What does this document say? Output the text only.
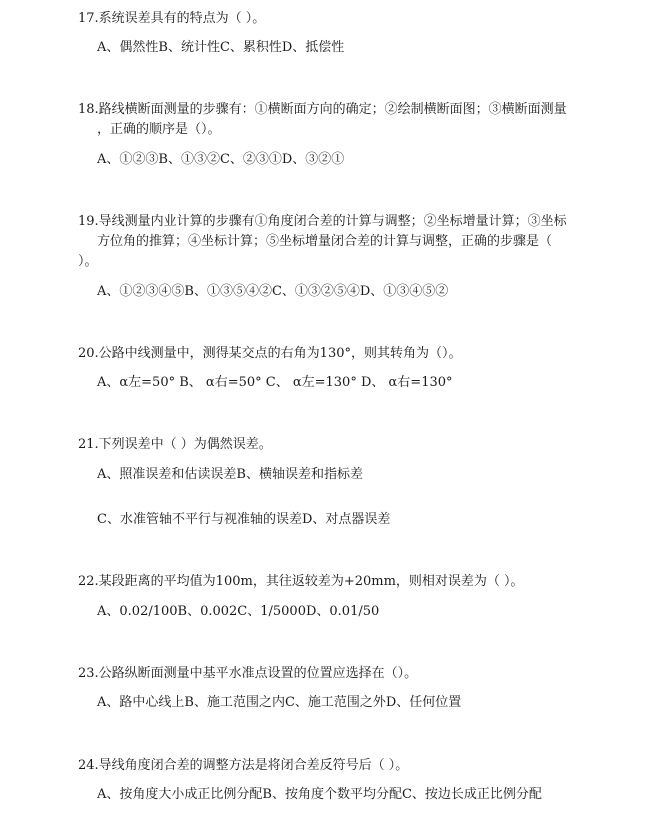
17.系统误差具有的特点为（ ）。
A、偶然性B、统计性C、累积性D、抵偿性
18.路线横断面测量的步骤有：①横断面方向的确定；②绘制横断面图；③横断面测量
，正确的顺序是（）。
A、①②③B、①③②C、②③①D、③②①
19.导线测量内业计算的步骤有①角度闭合差的计算与调整；②坐标增量计算；③坐标
方位角的推算；④坐标计算；⑤坐标增量闭合差的计算与调整，正确的步骤是（
）。
A、①②③④⑤B、①③⑤④②C、①③②⑤④D、①③④⑤②
20.公路中线测量中，测得某交点的右角为130°，则其转角为（）。
A、α左=50° B、 α右=50° C、 α左=130° D、 α右=130°
21.下列误差中（ ）为偶然误差。
A、照准误差和估读误差B、横轴误差和指标差
C、水准管轴不平行与视准轴的误差D、对点器误差
22.某段距离的平均值为100m，其往返较差为+20mm，则相对误差为（ ）。
A、0.02/100B、0.002C、1/5000D、0.01/50
23.公路纵断面测量中基平水准点设置的位置应选择在（）。
A、路中心线上B、施工范围之内C、施工范围之外D、任何位置
24.导线角度闭合差的调整方法是将闭合差反符号后（ ）。
A、按角度大小成正比例分配B、按角度个数平均分配C、按边长成正比例分配
